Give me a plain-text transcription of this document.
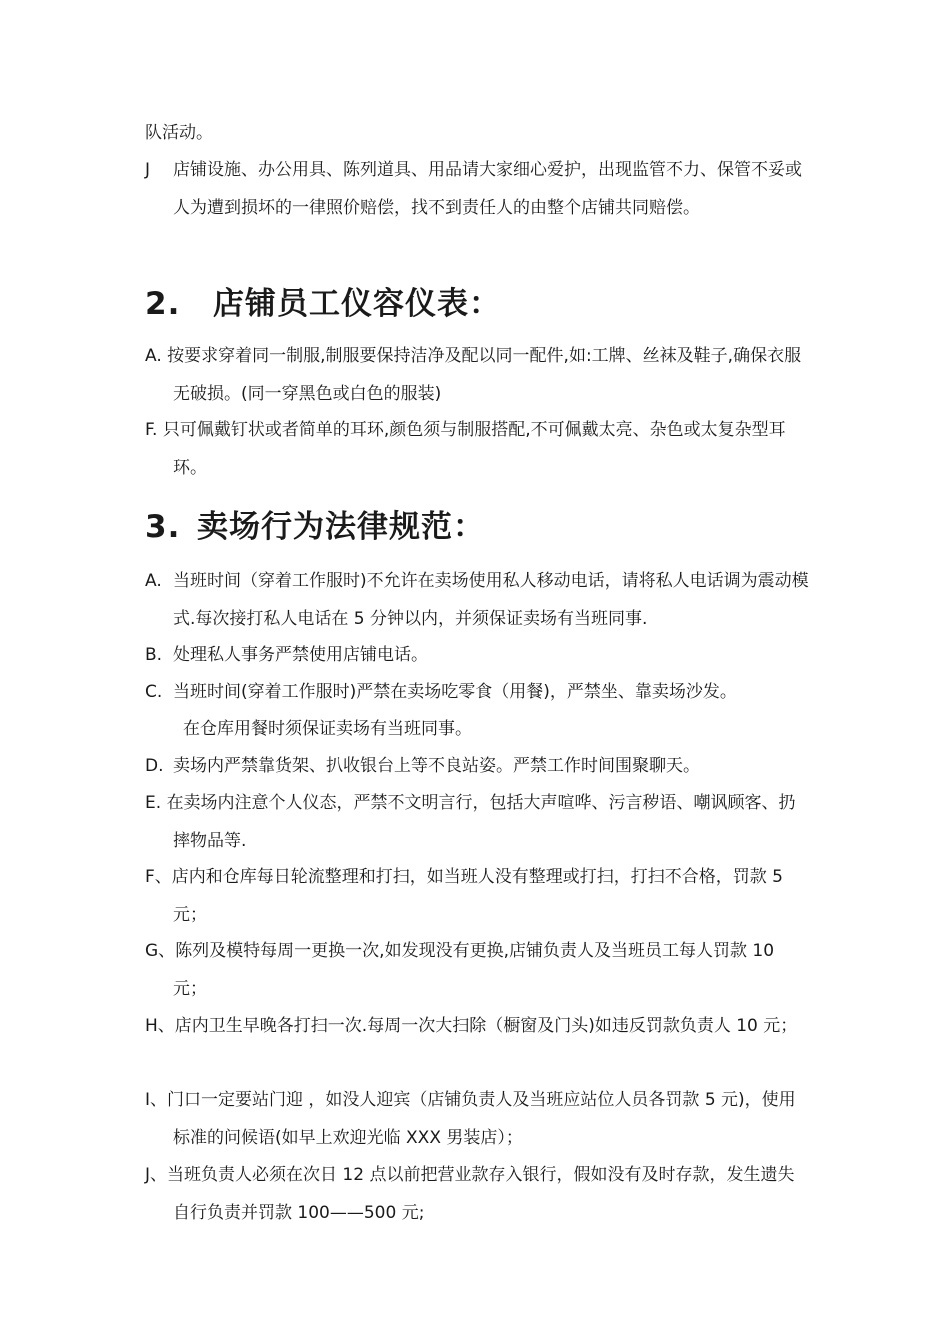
队活动。

J 店铺设施、办公用具、陈列道具、用品请大家细心爱护，出现监管不力、保管不妥或人为遭到损坏的一律照价赔偿，找不到责任人的由整个店铺共同赔偿。
2. 店铺员工仪容仪表：
A. 按要求穿着同一制服,制服要保持洁净及配以同一配件,如:工牌、丝袜及鞋子,确保衣服无破损。(同一穿黑色或白色的服装)
F. 只可佩戴钉状或者简单的耳环,颜色须与制服搭配,不可佩戴太亮、杂色或太复杂型耳环。
3. 卖场行为法律规范：
A. 当班时间（穿着工作服时)不允许在卖场使用私人移动电话，请将私人电话调为震动模式.每次接打私人电话在 5 分钟以内，并须保证卖场有当班同事.
B. 处理私人事务严禁使用店铺电话。
C. 当班时间(穿着工作服时)严禁在卖场吃零食（用餐)，严禁坐、靠卖场沙发。
在仓库用餐时须保证卖场有当班同事。
D. 卖场内严禁靠货架、扒收银台上等不良站姿。严禁工作时间围聚聊天。
E. 在卖场内注意个人仪态，严禁不文明言行，包括大声喧哗、污言秽语、嘲讽顾客、扔摔物品等.
F、店内和仓库每日轮流整理和打扫，如当班人没有整理或打扫，打扫不合格，罚款 5 元；
G、陈列及模特每周一更换一次,如发现没有更换,店铺负责人及当班员工每人罚款 10 元；
H、店内卫生早晚各打扫一次.每周一次大扫除（橱窗及门头)如违反罚款负责人 10 元；
I、门口一定要站门迎 ，如没人迎宾（店铺负责人及当班应站位人员各罚款 5 元)，使用标准的问候语(如早上欢迎光临 XXX 男装店）；
J、当班负责人必须在次日 12 点以前把营业款存入银行，假如没有及时存款，发生遗失自行负责并罚款 100——500 元;
